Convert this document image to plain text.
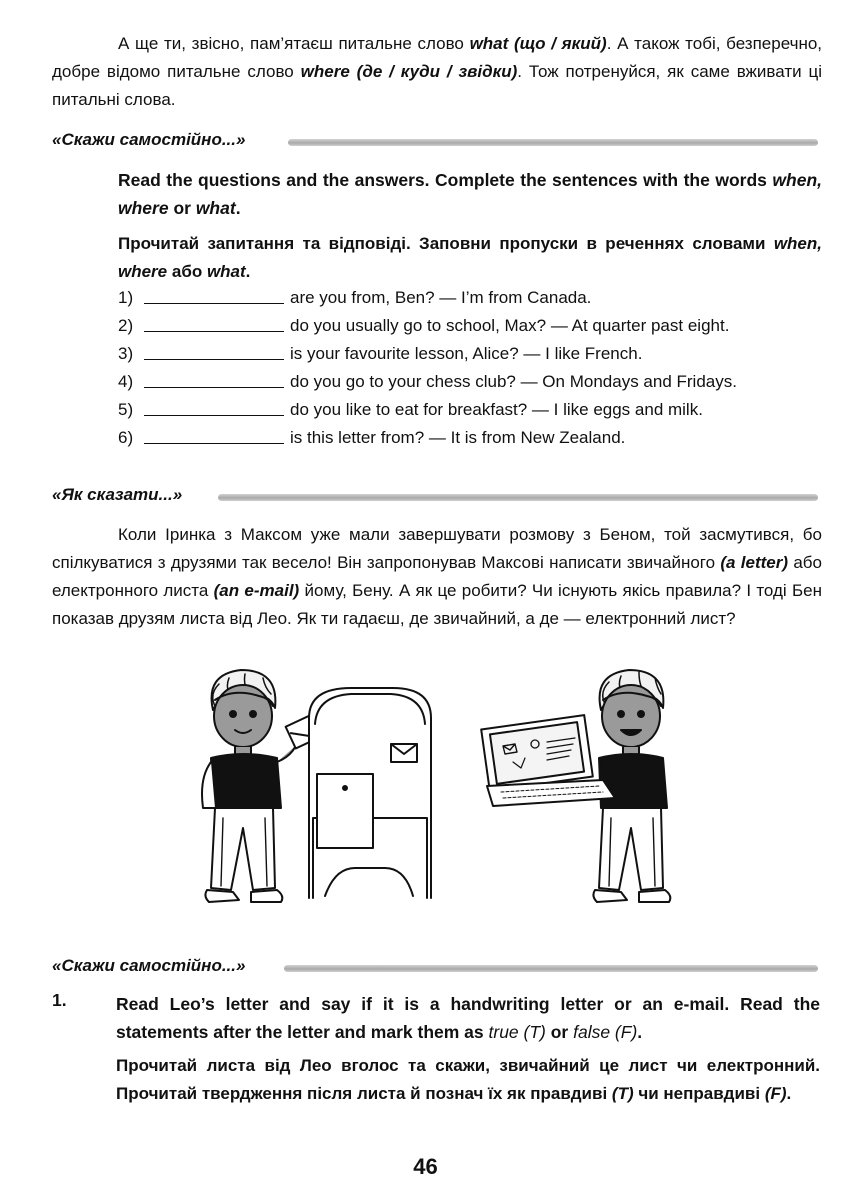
А ще ти, звісно, пам’ятаєш питальне слово what (що / який). А також тобі, безперечно, добре відомо питальне слово where (де / куди / звідки). Тож потренуйся, як саме вживати ці питальні слова.
«Скажи самостійно...»
Read the questions and the answers. Complete the sentences with the words when, where or what.
Прочитай запитання та відповіді. Заповни пропуски в реченнях словами when, where або what.
1)	are you from, Ben? — I’m from Canada.
2)	do you usually go to school, Max? — At quarter past eight.
3)	is your favourite lesson, Alice? — I like French.
4)	do you go to your chess club? — On Mondays and Fridays.
5)	do you like to eat for breakfast? — I like eggs and milk.
6)	is this letter from? — It is from New Zealand.
«Як сказати...»
Коли Іринка з Максом уже мали завершувати розмову з Беном, той засмутився, бо спілкуватися з друзями так весело! Він запропонував Максові написати звичайного (a letter) або електронного листа (an e-mail) йому, Бену. А як це робити? Чи існують якісь правила? І тоді Бен показав друзям листа від Лео. Як ти гадаєш, де звичайний, а де — електронний лист?
«Скажи самостійно...»
1.	Read Leo’s letter and say if it is a handwriting letter or an e-mail. Read the statements after the letter and mark them as true (T) or false (F).
Прочитай листа від Лео вголос та скажи, звичайний це лист чи електронний. Прочитай твердження після листа й познач їх як правдиві (T) чи неправдиві (F).
46
